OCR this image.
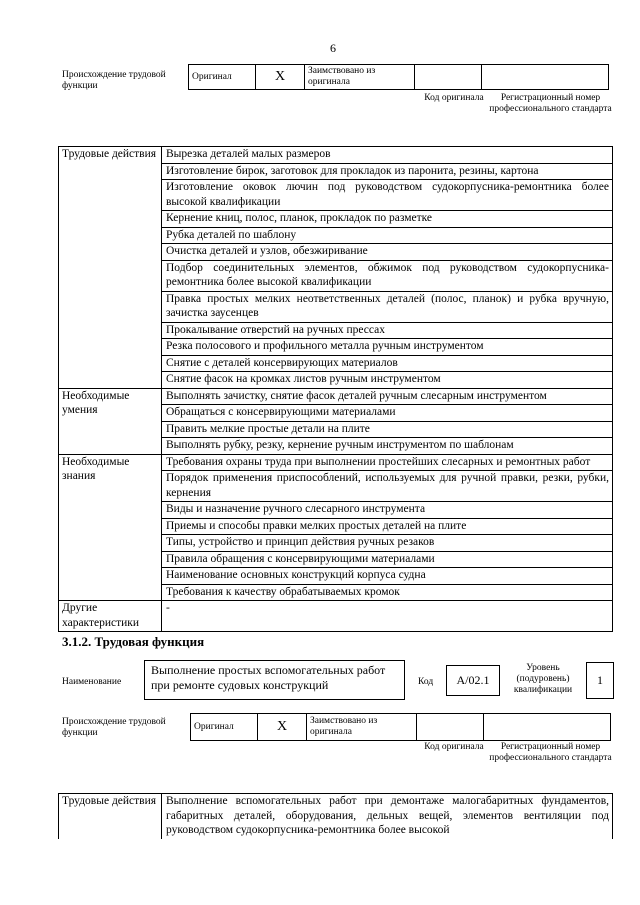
6
Происхождение трудовой функции
Оригинал	X	Заимствовано из оригинала		
Код оригинала	Регистрационный номер профессионального стандарта
Трудовые действия	Вырезка деталей малых размеров
	Изготовление бирок, заготовок для прокладок из паронита, резины, картона
	Изготовление оковок лючин под руководством судокорпусника-ремонтника более высокой квалификации
	Кернение книц, полос, планок, прокладок по разметке
	Рубка деталей по шаблону
	Очистка деталей и узлов, обезжиривание
	Подбор соединительных элементов, обжимок под руководством судокорпусника-ремонтника более высокой квалификации
	Правка простых мелких неответственных деталей (полос, планок) и рубка вручную, зачистка заусенцев
	Прокалывание отверстий на ручных прессах
	Резка полосового и профильного металла ручным инструментом
	Снятие с деталей консервирующих материалов
	Снятие фасок на кромках листов ручным инструментом
Необходимые умения	Выполнять зачистку, снятие фасок деталей ручным слесарным инструментом
	Обращаться с консервирующими материалами
	Править мелкие простые детали на плите
	Выполнять рубку, резку, кернение ручным инструментом по шаблонам
Необходимые знания	Требования охраны труда при выполнении простейших слесарных и ремонтных работ
	Порядок применения приспособлений, используемых для ручной правки, резки, рубки, кернения
	Виды и назначение ручного слесарного инструмента
	Приемы и способы правки мелких простых деталей на плите
	Типы, устройство и принцип действия ручных резаков
	Правила обращения с консервирующими материалами
	Наименование основных конструкций корпуса судна
	Требования к качеству обрабатываемых кромок
Другие характеристики	-
3.1.2. Трудовая функция
Наименование
Выполнение простых вспомогательных работ при ремонте судовых конструкций	Код	A/02.1
Уровень (подуровень) квалификации
1
Происхождение трудовой функции
Оригинал	X	Заимствовано из оригинала		
Код оригинала	Регистрационный номер профессионального стандарта
Трудовые действия	Выполнение вспомогательных работ при демонтаже малогабаритных фундаментов, габаритных деталей, оборудования, дельных вещей, элементов вентиляции под руководством судокорпусника-ремонтника более высокой
